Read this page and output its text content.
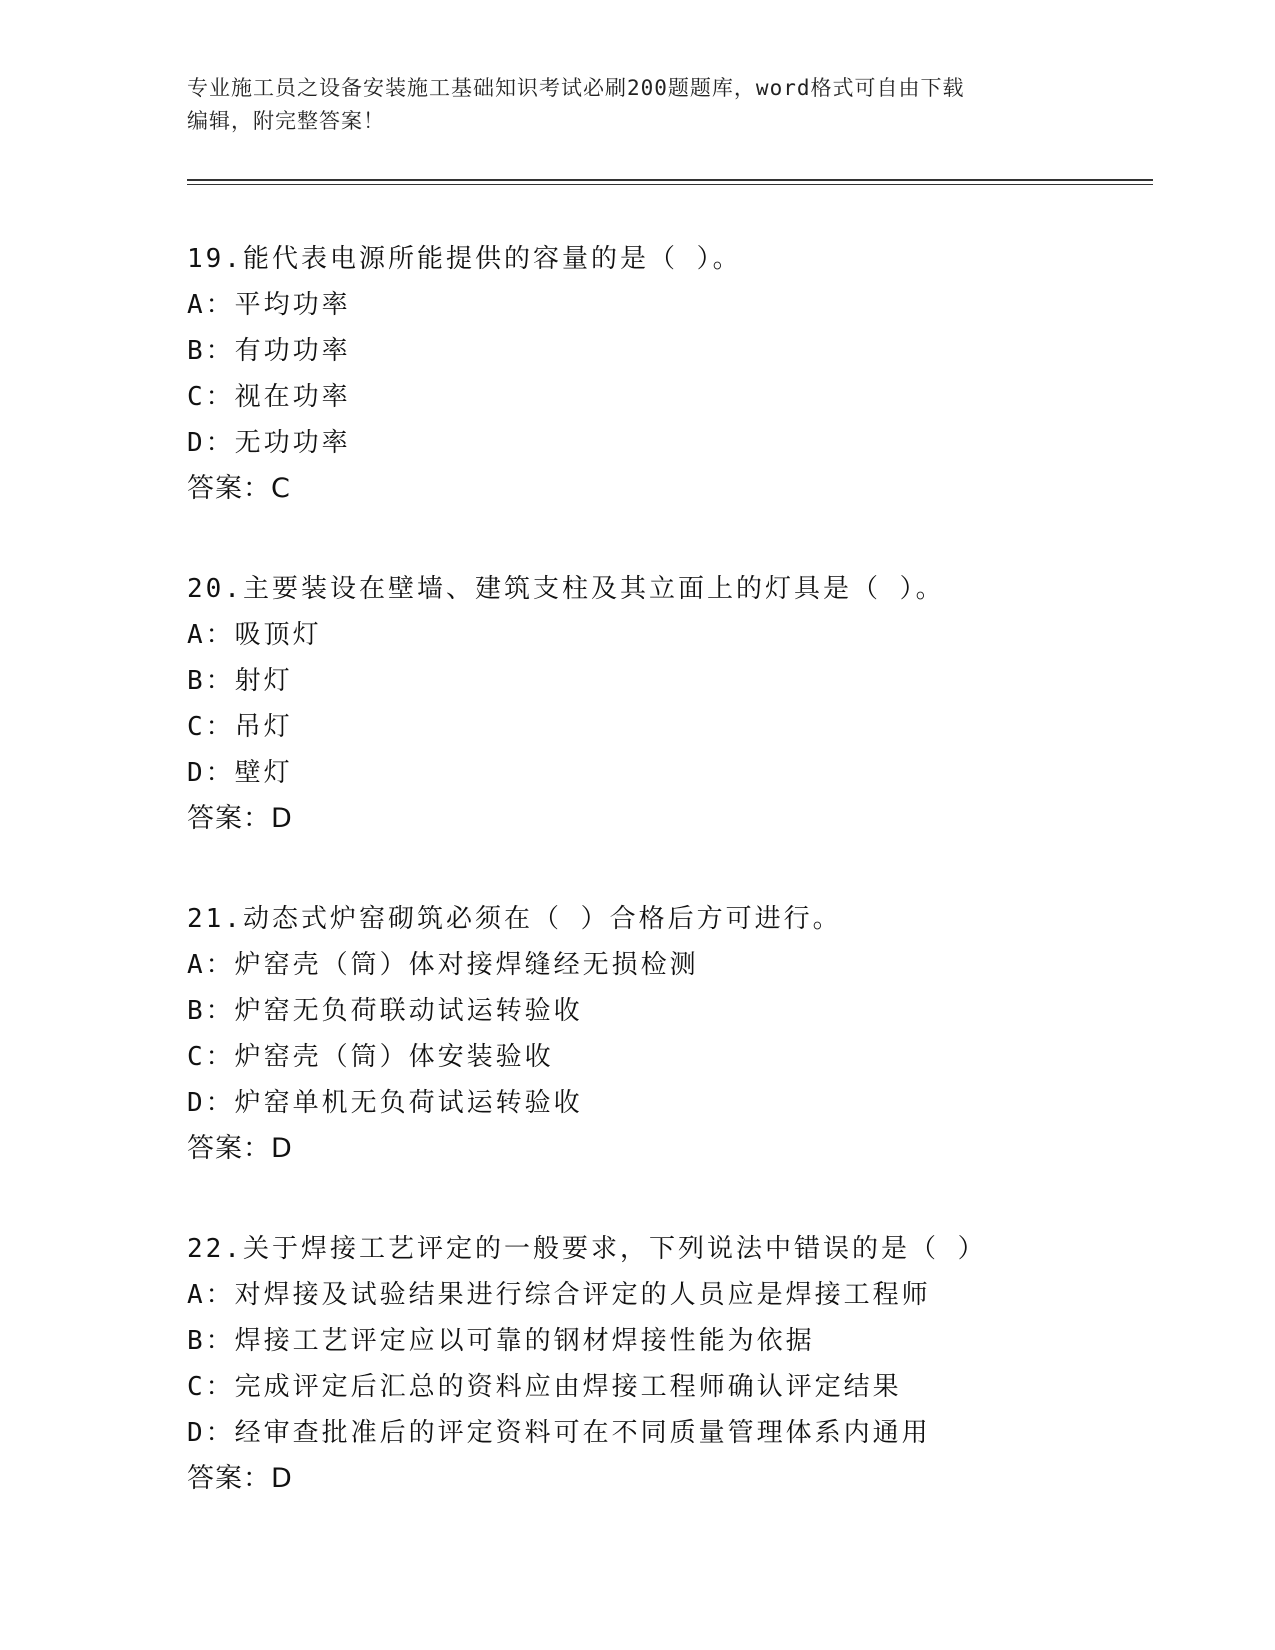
专业施工员之设备安装施工基础知识考试必刷200题题库，word格式可自由下载
编辑，附完整答案！
19.能代表电源所能提供的容量的是（ ）。
A：平均功率
B：有功功率
C：视在功率
D：无功功率
答案：C
20.主要装设在壁墙、建筑支柱及其立面上的灯具是（ ）。
A：吸顶灯
B：射灯
C：吊灯
D：壁灯
答案：D
21.动态式炉窑砌筑必须在（ ）合格后方可进行。
A：炉窑壳（筒）体对接焊缝经无损检测
B：炉窑无负荷联动试运转验收
C：炉窑壳（筒）体安装验收
D：炉窑单机无负荷试运转验收
答案：D
22.关于焊接工艺评定的一般要求，下列说法中错误的是（ ）
A：对焊接及试验结果进行综合评定的人员应是焊接工程师
B：焊接工艺评定应以可靠的钢材焊接性能为依据
C：完成评定后汇总的资料应由焊接工程师确认评定结果
D：经审查批准后的评定资料可在不同质量管理体系内通用
答案：D
